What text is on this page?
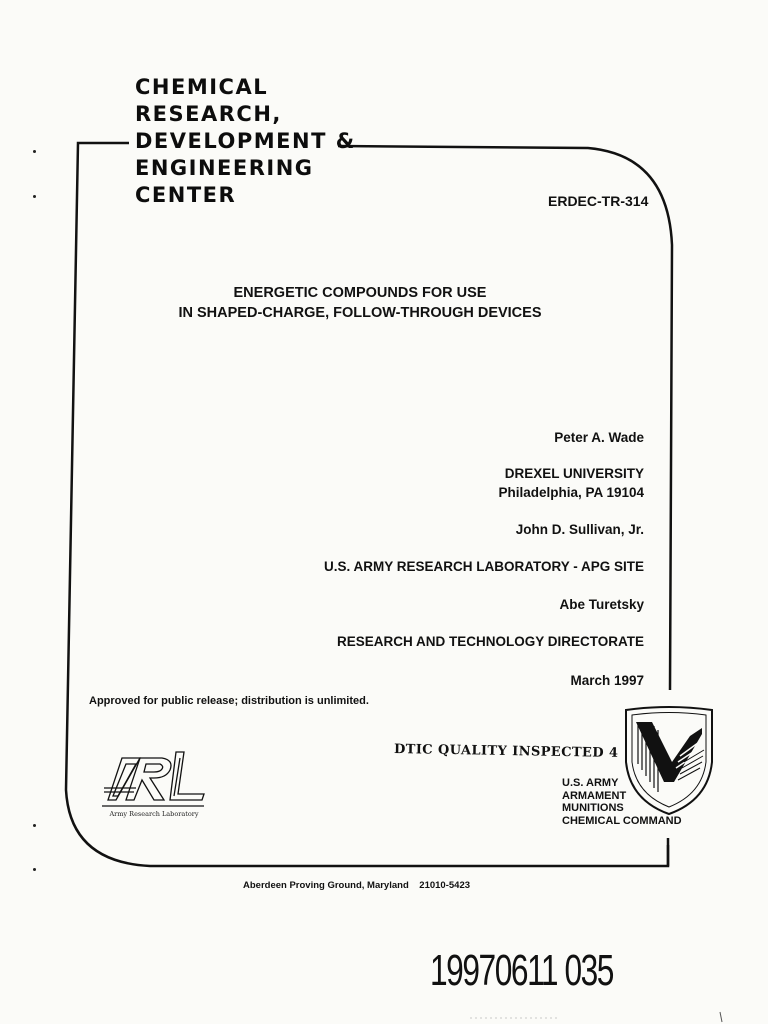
CHEMICAL
RESEARCH,
DEVELOPMENT &
ENGINEERING
CENTER	ERDEC-TR-314
ENERGETIC COMPOUNDS FOR USE
IN SHAPED-CHARGE, FOLLOW-THROUGH DEVICES
Peter A. Wade
DREXEL UNIVERSITY
Philadelphia, PA 19104
John D. Sullivan, Jr.
U.S. ARMY RESEARCH LABORATORY - APG SITE
Abe Turetsky
RESEARCH AND TECHNOLOGY DIRECTORATE
March 1997
Approved for public release; distribution is unlimited.
DTIC QUALITY INSPECTED 4
Army Research Laboratory
U.S. ARMY
ARMAMENT
MUNITIONS
CHEMICAL COMMAND
Aberdeen Proving Ground, Maryland    21010-5423
19970611 035
